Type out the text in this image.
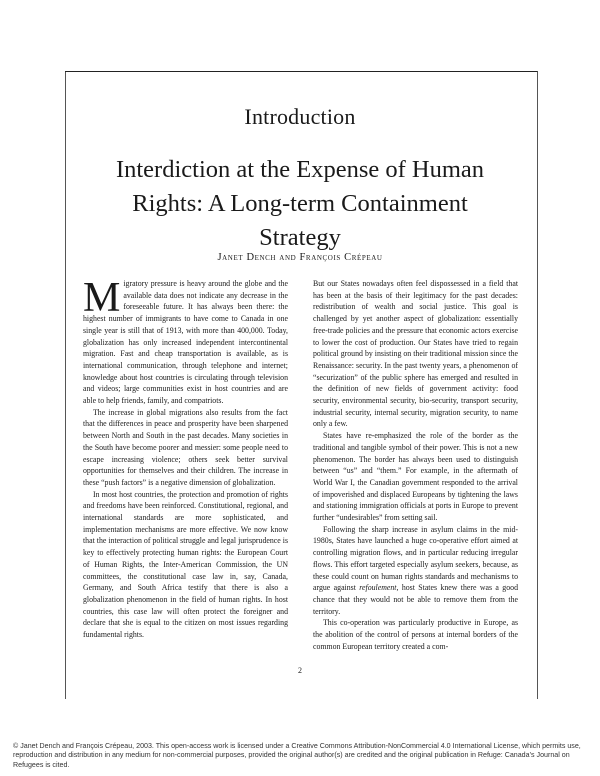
Introduction
Interdiction at the Expense of Human
Rights: A Long-term Containment Strategy
Janet Dench and François Crépeau

Migratory pressure is heavy around the globe and the available data does not indicate any decrease in the foreseeable future. It has always been there: the highest number of immigrants to have come to Canada in one single year is still that of 1913, with more than 400,000. Today, globalization has only increased independent intercontinental migration. Fast and cheap transportation is available, as is international communication, through telephone and internet; knowledge about host countries is circulating through television and videos; large communities exist in host countries and are able to help friends, family, and compatriots.

The increase in global migrations also results from the fact that the differences in peace and prosperity have been sharpened between North and South in the past decades. Many societies in the South have become poorer and messier: some people need to escape increasing violence; others seek better survival opportunities for themselves and their children. The increase in these “push factors” is a negative dimension of globalization.

In most host countries, the protection and promotion of rights and freedoms have been reinforced. Constitutional, regional, and international standards are more sophisticated, and implementation mechanisms are more effective. We now know that the interaction of political struggle and legal jurisprudence is key to effectively protecting human rights: the European Court of Human Rights, the Inter-American Commission, the UN committees, the constitutional case law in, say, Canada, Germany, and South Africa testify that there is also a globalization phenomenon in the field of human rights. In host countries, this case law will often protect the foreigner and declare that she is equal to the citizen on most issues regarding fundamental rights.

But our States nowadays often feel dispossessed in a field that has been at the basis of their legitimacy for the past decades: redistribution of wealth and social justice. This goal is challenged by yet another aspect of globalization: essentially free-trade policies and the pressure that economic actors exercise to lower the cost of production. Our States have tried to regain political ground by insisting on their traditional mission since the Renaissance: security. In the past twenty years, a phenomenon of “securization” of the public sphere has emerged and resulted in the definition of new fields of government activity: food security, environmental security, bio-security, transport security, industrial security, internal security, migration security, to name only a few.

States have re-emphasized the role of the border as the traditional and tangible symbol of their power. This is not a new phenomenon. The border has always been used to distinguish between “us” and “them.” For example, in the aftermath of World War I, the Canadian government responded to the arrival of impoverished and displaced Europeans by tightening the laws and stationing immigration officials at ports in Europe to prevent further “undesirables” from setting sail.

Following the sharp increase in asylum claims in the mid-1980s, States have launched a huge co-operative effort aimed at controlling migration flows, and in particular reducing irregular flows. This effort targeted especially asylum seekers, because, as these could count on human rights standards and mechanisms to argue against refoulement, host States knew there was a good chance that they would not be able to remove them from the territory.

This co-operation was particularly productive in Europe, as the abolition of the control of persons at internal borders of the common European territory created a com-

2
© Janet Dench and François Crépeau, 2003. This open-access work is licensed under a Creative Commons Attribution-NonCommercial 4.0 International License, which permits use, reproduction and distribution in any medium for non-commercial purposes, provided the original author(s) are credited and the original publication in Refuge: Canada’s Journal on Refugees is cited.
